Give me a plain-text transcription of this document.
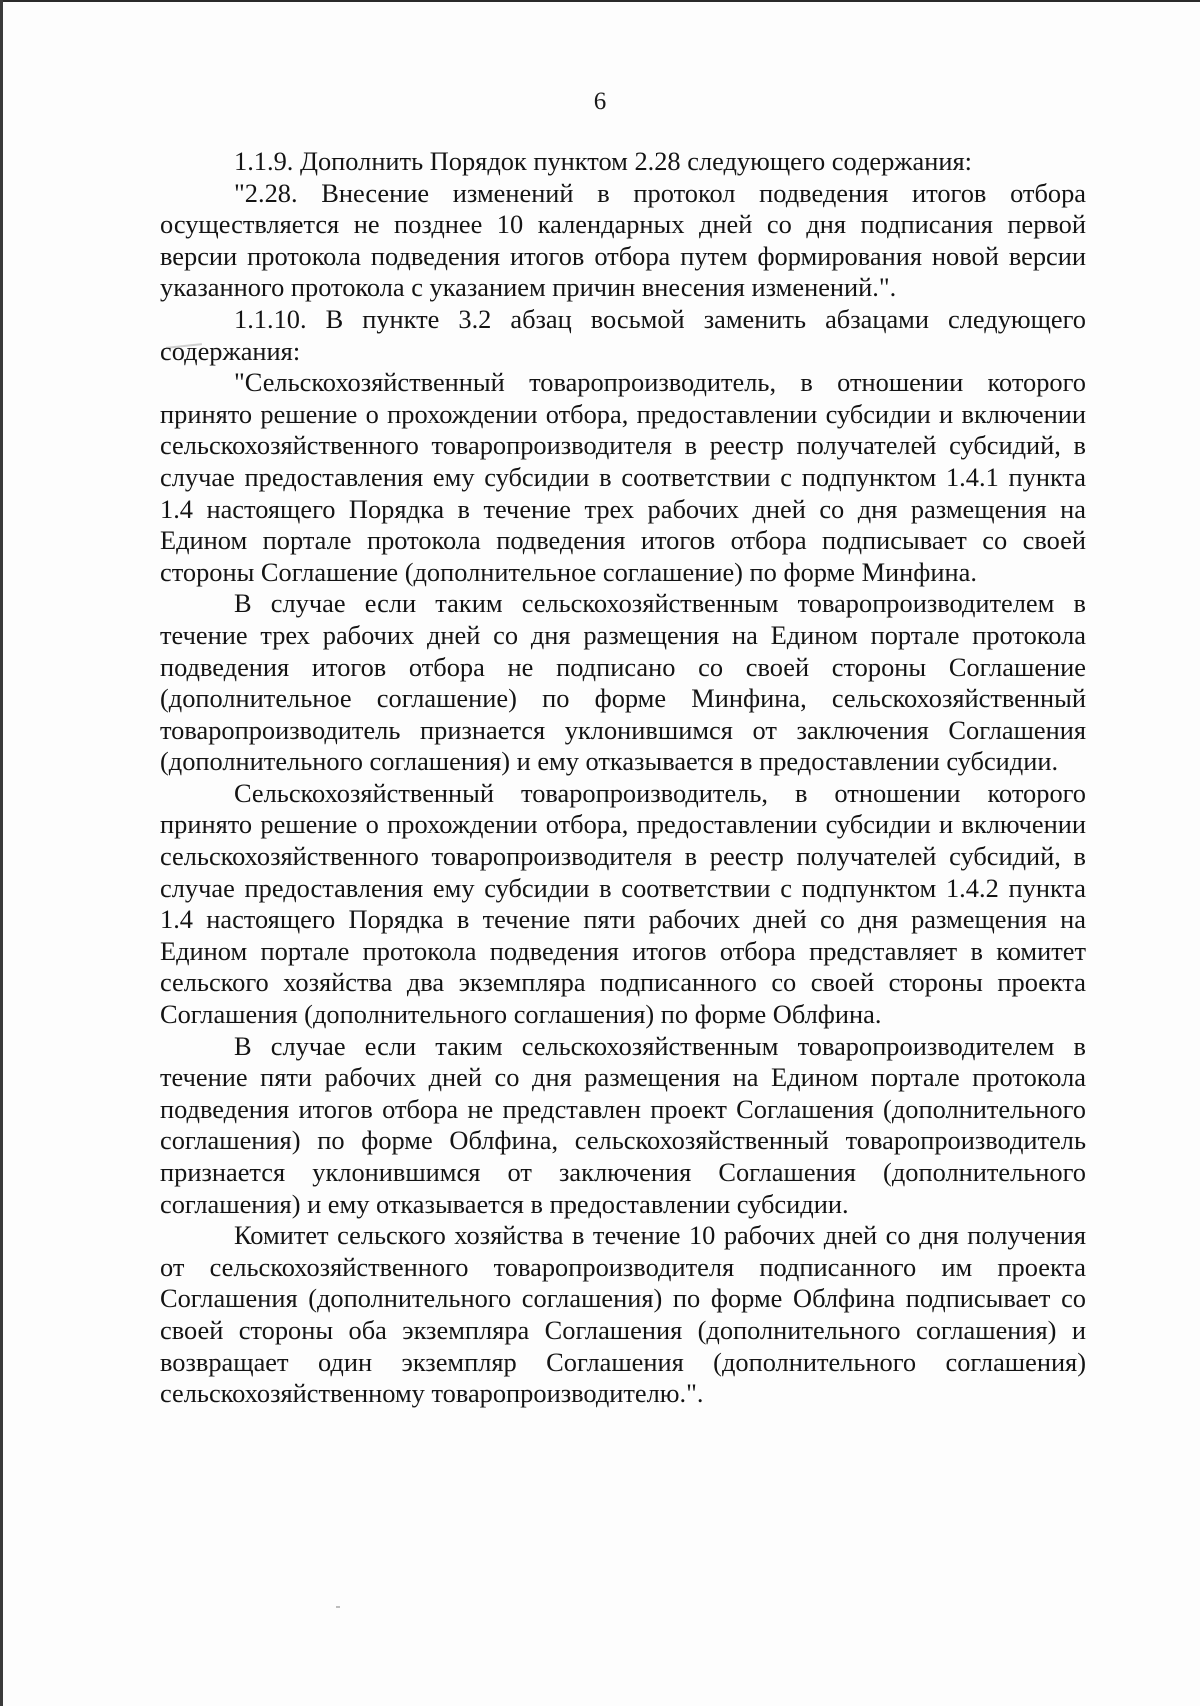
6

1.1.9. Дополнить Порядок пунктом 2.28 следующего содержания:

"2.28. Внесение изменений в протокол подведения итогов отбора осуществляется не позднее 10 календарных дней со дня подписания первой версии протокола подведения итогов отбора путем формирования новой версии указанного протокола с указанием причин внесения изменений.".

1.1.10. В пункте 3.2 абзац восьмой заменить абзацами следующего содержания:

"Сельскохозяйственный товаропроизводитель, в отношении которого принято решение о прохождении отбора, предоставлении субсидии и включении сельскохозяйственного товаропроизводителя в реестр получателей субсидий, в случае предоставления ему субсидии в соответствии с подпунктом 1.4.1 пункта 1.4 настоящего Порядка в течение трех рабочих дней со дня размещения на Едином портале протокола подведения итогов отбора подписывает со своей стороны Соглашение (дополнительное соглашение) по форме Минфина.

В случае если таким сельскохозяйственным товаропроизводителем в течение трех рабочих дней со дня размещения на Едином портале протокола подведения итогов отбора не подписано со своей стороны Соглашение (дополнительное соглашение) по форме Минфина, сельскохозяйственный товаропроизводитель признается уклонившимся от заключения Соглашения (дополнительного соглашения) и ему отказывается в предоставлении субсидии.

Сельскохозяйственный товаропроизводитель, в отношении которого принято решение о прохождении отбора, предоставлении субсидии и включении сельскохозяйственного товаропроизводителя в реестр получателей субсидий, в случае предоставления ему субсидии в соответствии с подпунктом 1.4.2 пункта 1.4 настоящего Порядка в течение пяти рабочих дней со дня размещения на Едином портале протокола подведения итогов отбора представляет в комитет сельского хозяйства два экземпляра подписанного со своей стороны проекта Соглашения (дополнительного соглашения) по форме Облфина.

В случае если таким сельскохозяйственным товаропроизводителем в течение пяти рабочих дней со дня размещения на Едином портале протокола подведения итогов отбора не представлен проект Соглашения (дополнительного соглашения) по форме Облфина, сельскохозяйственный товаропроизводитель признается уклонившимся от заключения Соглашения (дополнительного соглашения) и ему отказывается в предоставлении субсидии.

Комитет сельского хозяйства в течение 10 рабочих дней со дня получения от сельскохозяйственного товаропроизводителя подписанного им проекта Соглашения (дополнительного соглашения) по форме Облфина подписывает со своей стороны оба экземпляра Соглашения (дополнительного соглашения) и возвращает один экземпляр Соглашения (дополнительного соглашения) сельскохозяйственному товаропроизводителю.".
